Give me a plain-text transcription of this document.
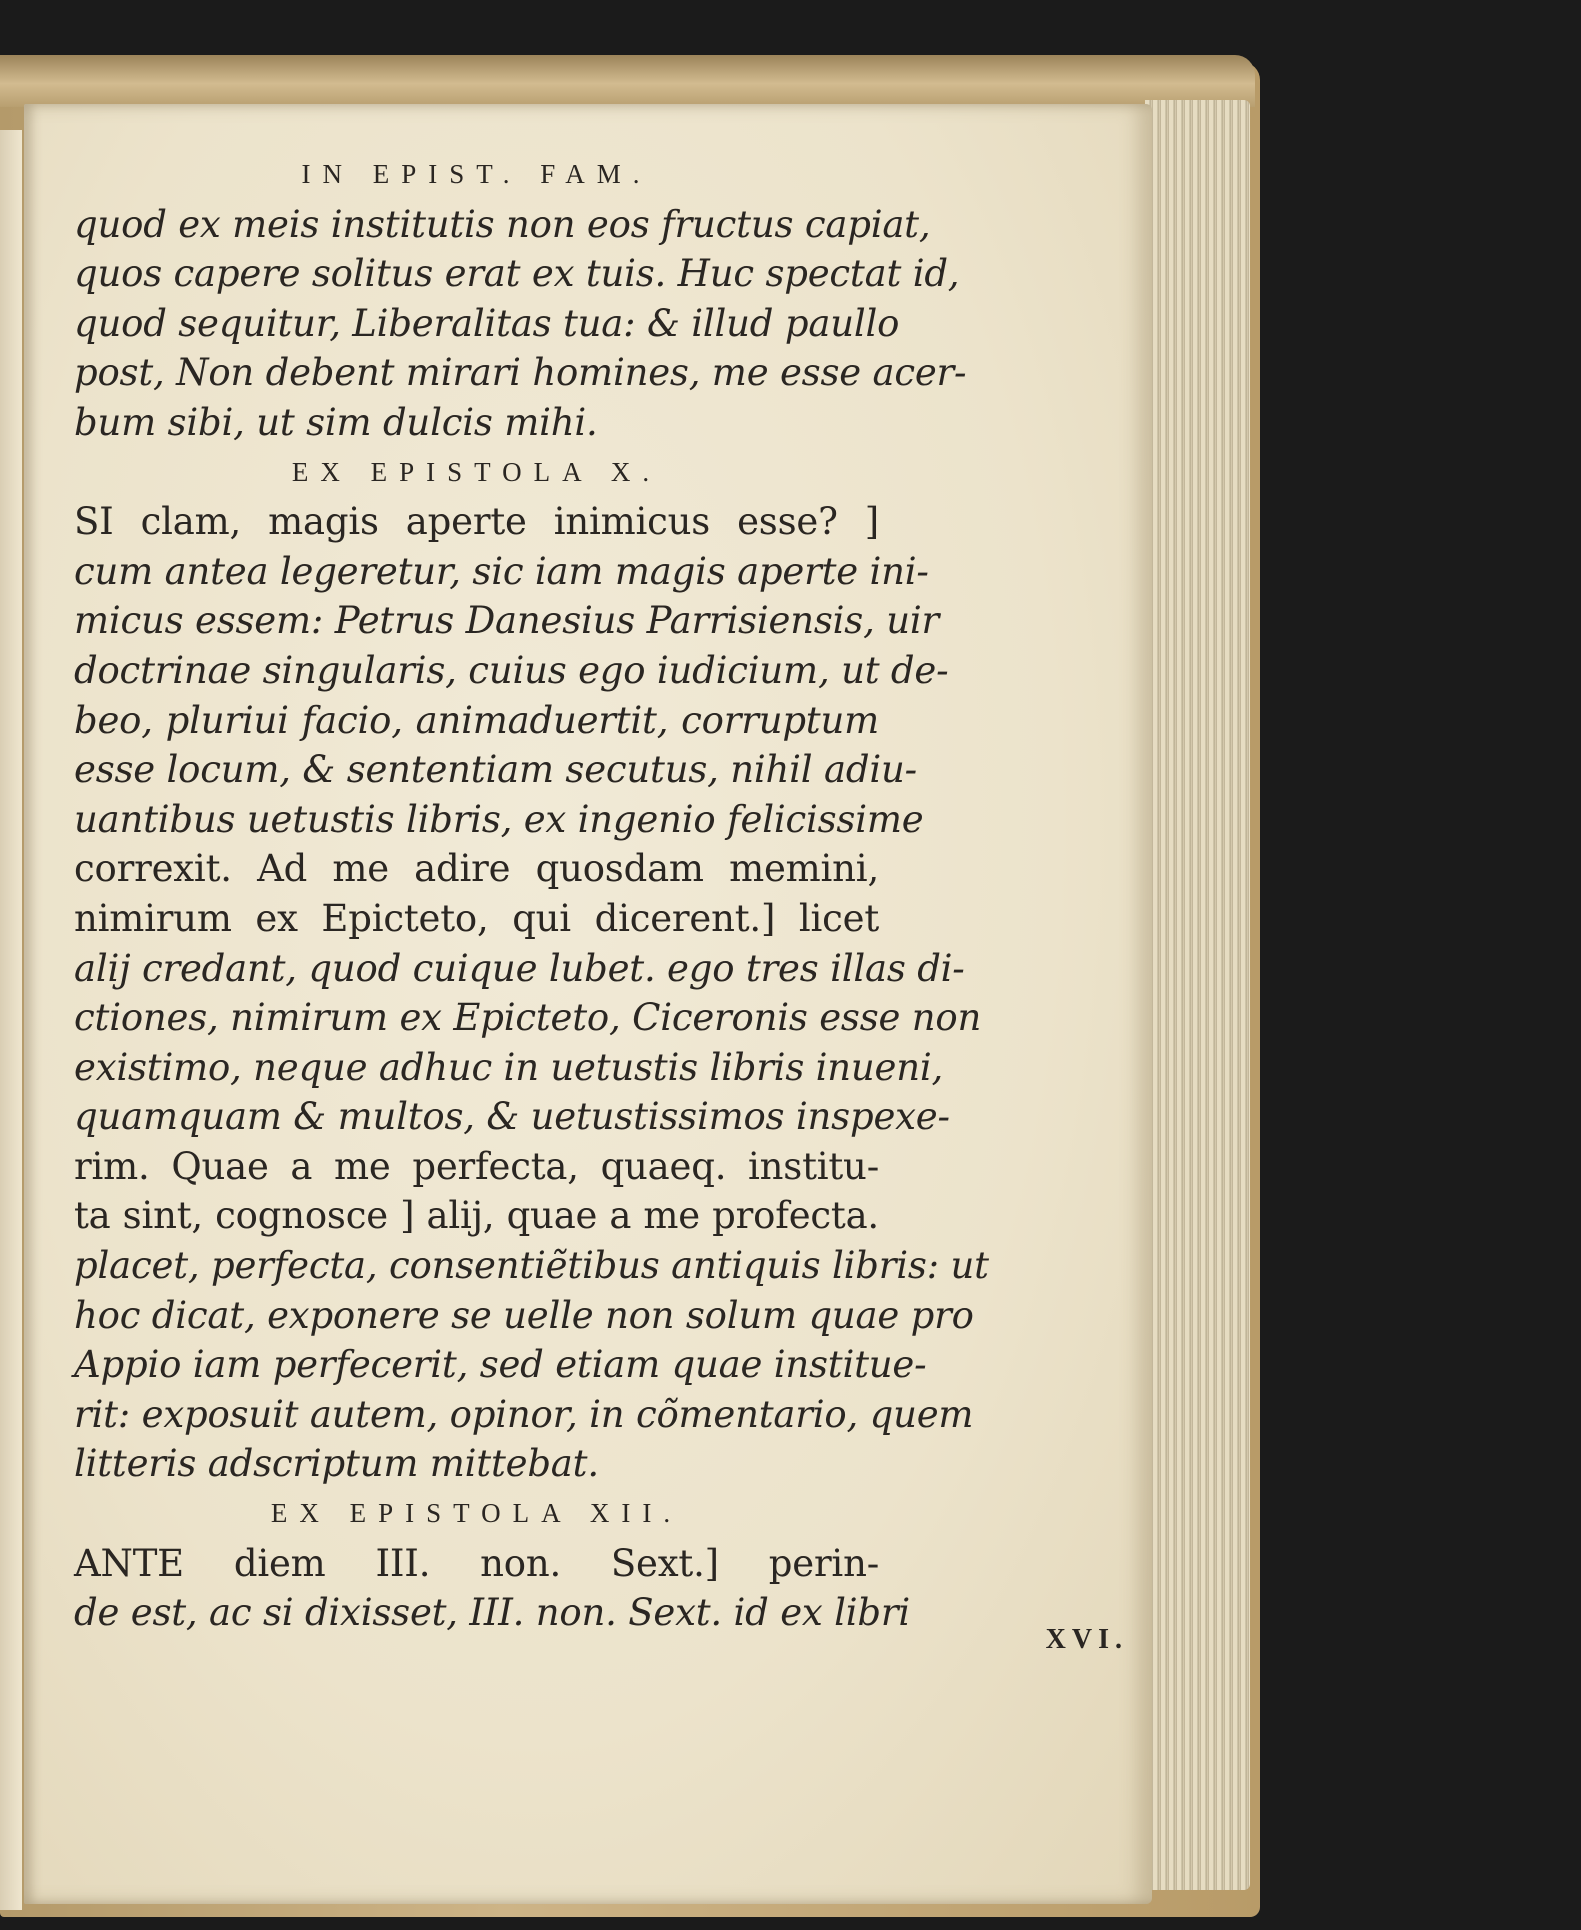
IN EPIST. FAM.
quod ex meis institutis non eos fructus capiat,
quos capere solitus erat ex tuis. Huc spectat id,
quod sequitur, Liberalitas tua: & illud paullo
post, Non debent mirari homines, me esse acer-
bum sibi, ut sim dulcis mihi.
EX EPISTOLA X.
SI clam, magis aperte inimicus esse? ]
cum antea legeretur, sic iam magis aperte ini-
micus essem: Petrus Danesius Parrisiensis, uir
doctrinae singularis, cuius ego iudicium, ut de-
beo, pluriui facio, animaduertit, corruptum
esse locum, & sententiam secutus, nihil adiu-
uantibus uetustis libris, ex ingenio felicissime
correxit. Ad me adire quosdam memini,
nimirum ex Epicteto, qui dicerent.] licet
alij credant, quod cuique lubet. ego tres illas di-
ctiones, nimirum ex Epicteto, Ciceronis esse non
existimo, neque adhuc in uetustis libris inueni,
quamquam & multos, & uetustissimos inspexe-
rim. Quae a me perfecta, quaeq. institu-
ta sint, cognosce ] alij, quae a me profecta.
placet, perfecta, consentiẽtibus antiquis libris: ut
hoc dicat, exponere se uelle non solum quae pro
Appio iam perfecerit, sed etiam quae institue-
rit: exposuit autem, opinor, in cõmentario, quem
litteris adscriptum mittebat.
EX EPISTOLA XII.
ANTE diem III. non. Sext.] perin-
de est, ac si dixisset, III. non. Sext. id ex libri
XVI.
